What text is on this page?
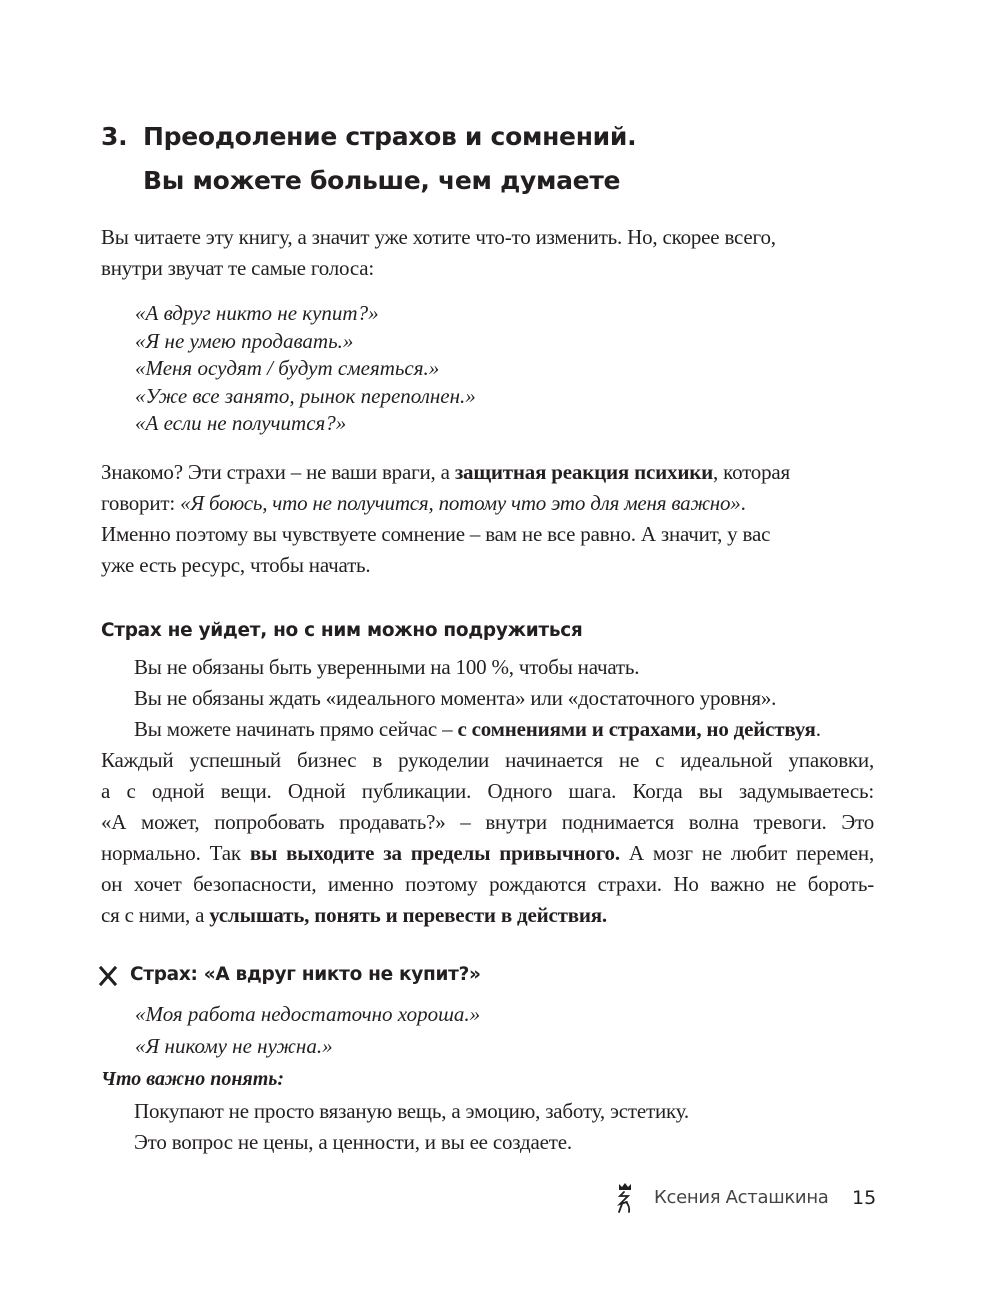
3. Преодоление страхов и сомнений.
Вы можете больше, чем думаете
Вы читаете эту книгу, а значит уже хотите что-то изменить. Но, скорее всего,
внутри звучат те самые голоса:
«А вдруг никто не купит?»
«Я не умею продавать.»
«Меня осудят / будут смеяться.»
«Уже все занято, рынок переполнен.»
«А если не получится?»
Знакомо? Эти страхи – не ваши враги, а защитная реакция психики, которая
говорит: «Я боюсь, что не получится, потому что это для меня важно».
Именно поэтому вы чувствуете сомнение – вам не все равно. А значит, у вас
уже есть ресурс, чтобы начать.
Страх не уйдет, но с ним можно подружиться
Вы не обязаны быть уверенными на 100 %, чтобы начать.
Вы не обязаны ждать «идеального момента» или «достаточного уровня».
Вы можете начинать прямо сейчас – с сомнениями и страхами, но действуя.
Каждый успешный бизнес в рукоделии начинается не с идеальной упаковки,
а с одной вещи. Одной публикации. Одного шага. Когда вы задумываетесь:
«А может, попробовать продавать?» – внутри поднимается волна тревоги. Это
нормально. Так вы выходите за пределы привычного. А мозг не любит перемен,
он хочет безопасности, именно поэтому рождаются страхи. Но важно не бороть-
ся с ними, а услышать, понять и перевести в действия.
Страх: «А вдруг никто не купит?»
«Моя работа недостаточно хороша.»
«Я никому не нужна.»
Что важно понять:
Покупают не просто вязаную вещь, а эмоцию, заботу, эстетику.
Это вопрос не цены, а ценности, и вы ее создаете.
Ксения Асташкина 15
